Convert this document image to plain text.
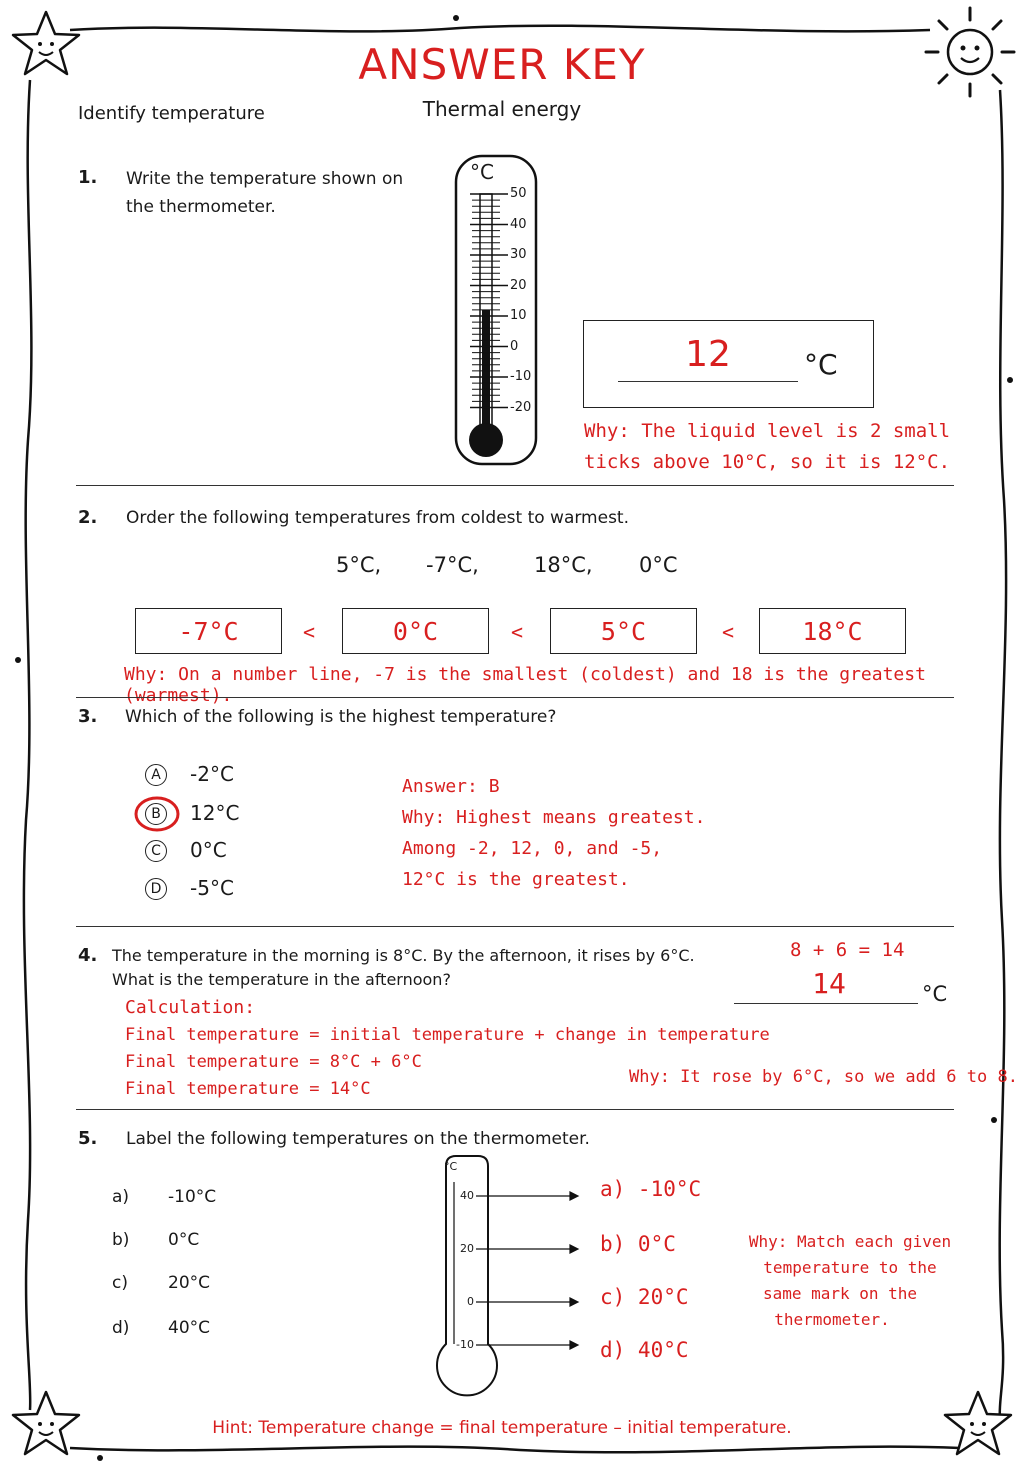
ANSWER KEY
Identify temperature	Thermal energy
1. Write the temperature shown on
the thermometer.
°C
50
40
30
20
10
0
-10
-20
12	°C
Why: The liquid level is 2 small
ticks above 10°C, so it is 12°C.
2. Order the following temperatures from coldest to warmest.
5°C, -7°C,	18°C, 0°C
-7°C	<	0°C	<	5°C	<	18°C
Why: On a number line, -7 is the smallest (coldest) and 18 is the greatest (warmest).
3. Which of the following is the highest temperature?
A	-2°C
B	12°C
C	0°C
D -5°C
Answer: B
Why: Highest means greatest.
Among -2, 12, 0, and -5,
12°C is the greatest.
4. The temperature in the morning is 8°C. By the afternoon, it rises by 6°C.
What is the temperature in the afternoon?
Calculation:
Final temperature = initial temperature + change in temperature
Final temperature = 8°C + 6°C
Final temperature = 14°C
8 + 6 = 14
14	°C
Why: It rose by 6°C, so we add 6 to 8.
5. Label the following temperatures on the thermometer.
a) -10°C
b) 0°C
c) 20°C
d) 40°C
°C
40
20
0
-10
a) -10°C
b) 0°C
c) 20°C
d) 40°C
Why: Match each given
temperature to the
same mark on the
thermometer.
Hint: Temperature change = final temperature – initial temperature.
